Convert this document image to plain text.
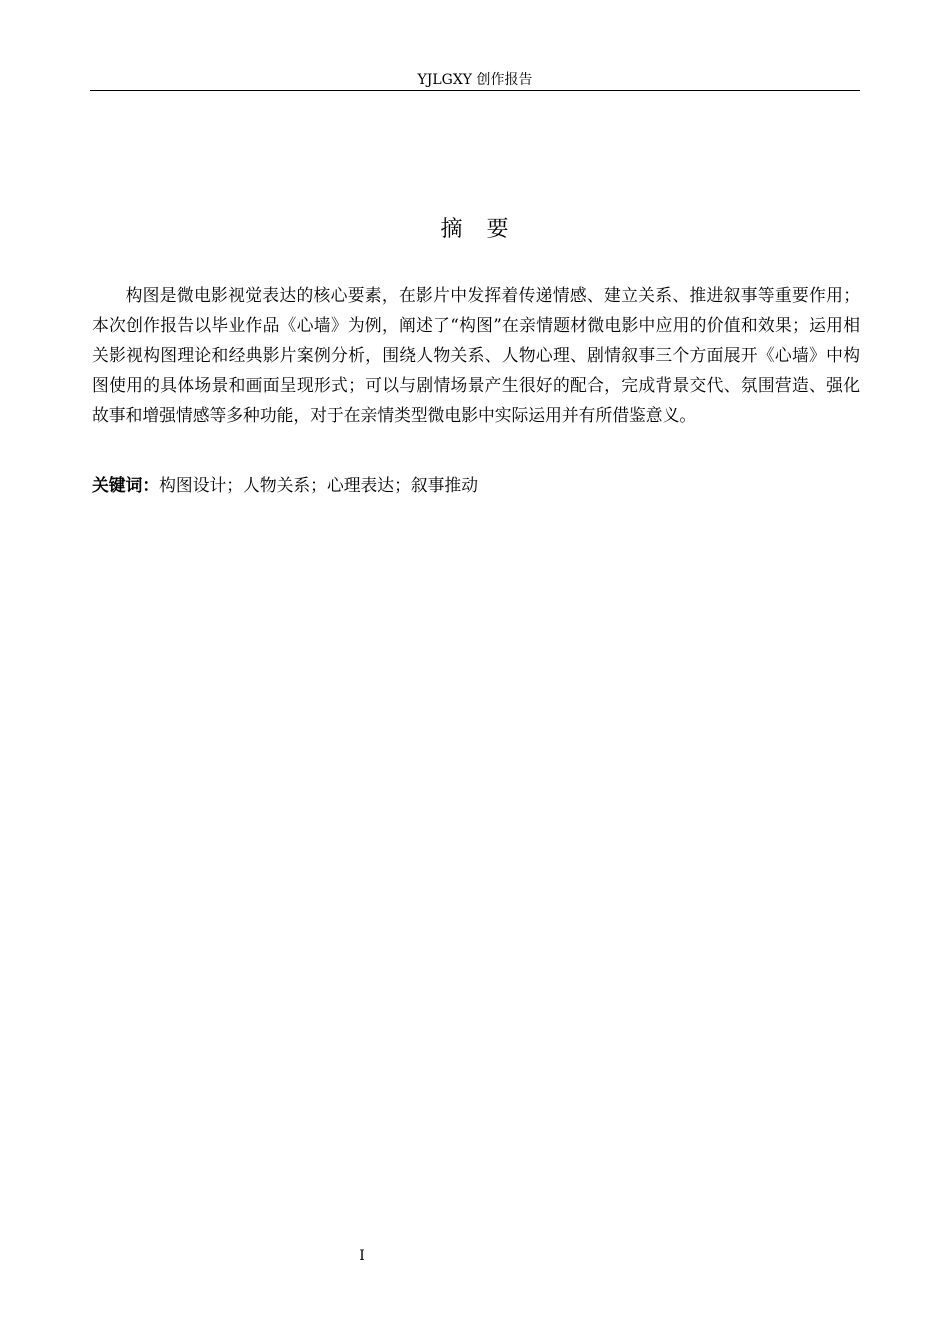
YJLGXY 创作报告
摘　要

构图是微电影视觉表达的核心要素，在影片中发挥着传递情感、建立关系、推进叙事等重要作用；本次创作报告以毕业作品《心墙》为例，阐述了“构图”在亲情题材微电影中应用的价值和效果；运用相关影视构图理论和经典影片案例分析，围绕人物关系、人物心理、剧情叙事三个方面展开《心墙》中构图使用的具体场景和画面呈现形式；可以与剧情场景产生很好的配合，完成背景交代、氛围营造、强化故事和增强情感等多种功能，对于在亲情类型微电影中实际运用并有所借鉴意义。

关键词：构图设计；人物关系；心理表达；叙事推动

I
